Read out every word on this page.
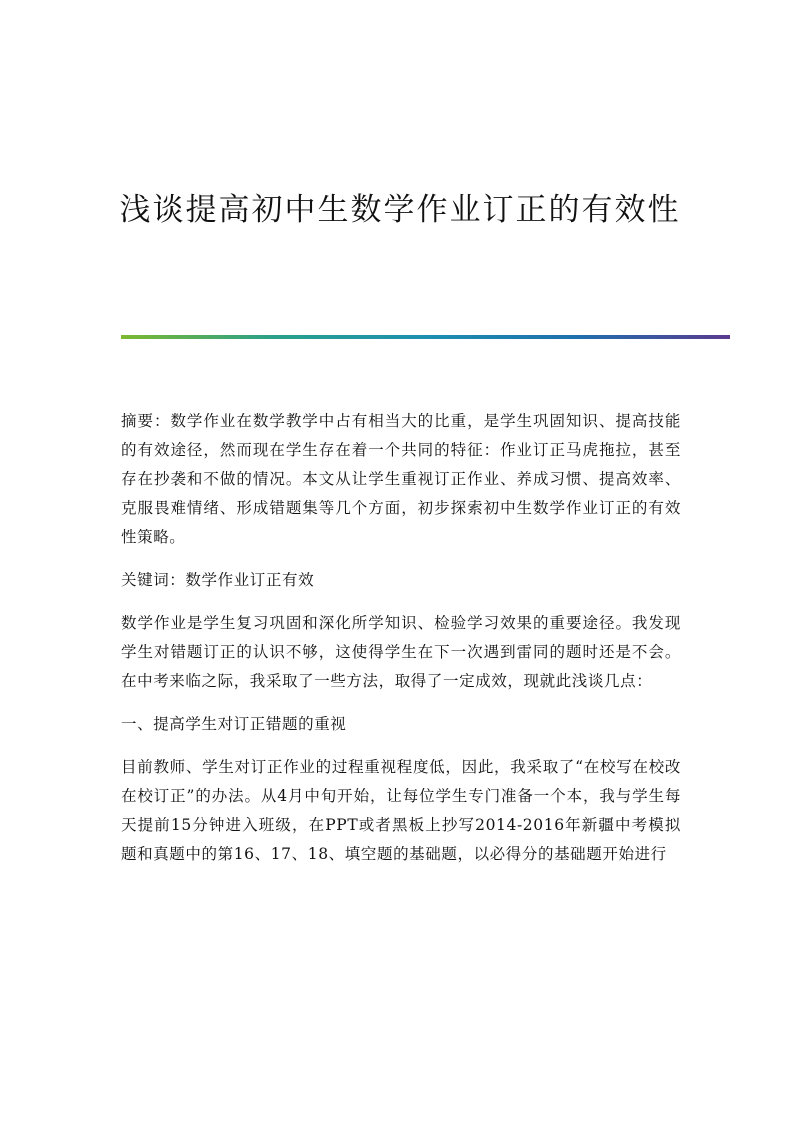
浅谈提高初中生数学作业订正的有效性

摘要：数学作业在数学教学中占有相当大的比重，是学生巩固知识、提高技能的有效途径，然而现在学生存在着一个共同的特征：作业订正马虎拖拉，甚至存在抄袭和不做的情况。本文从让学生重视订正作业、养成习惯、提高效率、克服畏难情绪、形成错题集等几个方面，初步探索初中生数学作业订正的有效性策略。

关键词：数学作业订正有效

数学作业是学生复习巩固和深化所学知识、检验学习效果的重要途径。我发现学生对错题订正的认识不够，这使得学生在下一次遇到雷同的题时还是不会。在中考来临之际，我采取了一些方法，取得了一定成效，现就此浅谈几点：

一、提高学生对订正错题的重视

目前教师、学生对订正作业的过程重视程度低，因此，我采取了“在校写在校改在校订正”的办法。从4月中旬开始，让每位学生专门准备一个本，我与学生每天提前15分钟进入班级，在PPT或者黑板上抄写2014-2016年新疆中考模拟题和真题中的第16、17、18、填空题的基础题，以必得分的基础题开始进行
